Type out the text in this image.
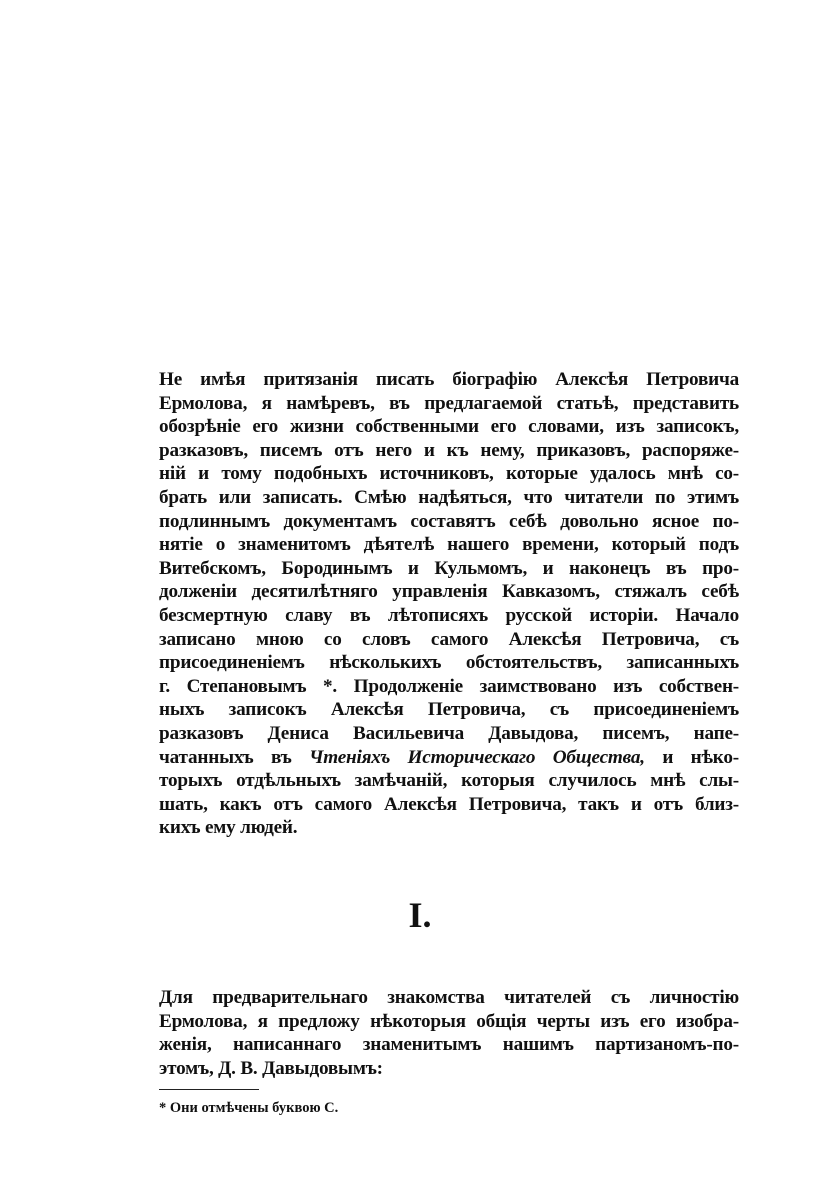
Не имѣя притязанія писать біографію Алексѣя Петровича
Ермолова, я намѣревъ, въ предлагаемой статьѣ, представить
обозрѣніе его жизни собственными его словами, изъ записокъ,
разказовъ, писемъ отъ него и къ нему, приказовъ, распоряже-
ній и тому подобныхъ источниковъ, которые удалось мнѣ со-
брать или записать. Смѣю надѣяться, что читатели по этимъ
подлиннымъ документамъ составятъ себѣ довольно ясное по-
нятіе о знаменитомъ дѣятелѣ нашего времени, который подъ
Витебскомъ, Бородинымъ и Кульмомъ, и наконецъ въ про-
долженіи десятилѣтняго управленія Кавказомъ, стяжалъ себѣ
безсмертную славу въ лѣтописяхъ русской исторіи. Начало
записано мною со словъ самого Алексѣя Петровича, съ
присоединеніемъ нѣсколькихъ обстоятельствъ, записанныхъ
г. Степановымъ *. Продолженіе заимствовано изъ собствен-
ныхъ записокъ Алексѣя Петровича, съ присоединеніемъ
разказовъ Дениса Васильевича Давыдова, писемъ, напе-
чатанныхъ въ Чтеніяхъ Историческаго Общества, и нѣко-
торыхъ отдѣльныхъ замѣчаній, которыя случилось мнѣ слы-
шать, какъ отъ самого Алексѣя Петровича, такъ и отъ близ-
кихъ ему людей.
I.
Для предварительнаго знакомства читателей съ личностію
Ермолова, я предложу нѣкоторыя общія черты изъ его изобра-
женія, написаннаго знаменитымъ нашимъ партизаномъ-по-
этомъ, Д. В. Давыдовымъ:

* Они отмѣчены буквою С.
